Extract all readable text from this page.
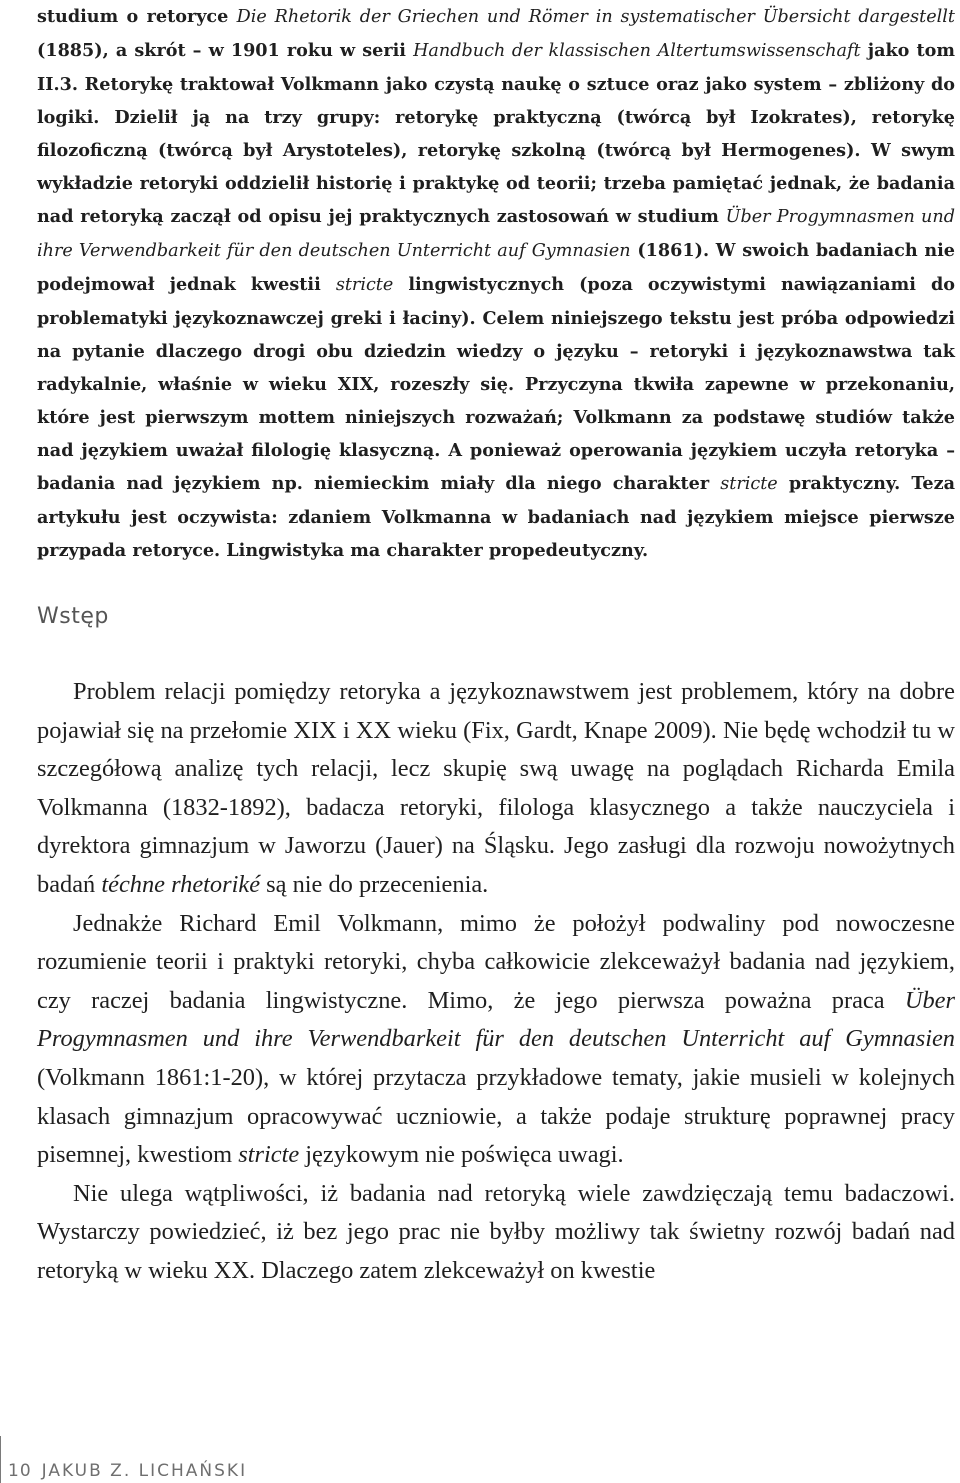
studium o retoryce Die Rhetorik der Griechen und Römer in systematischer Übersicht dargestellt (1885), a skrót – w 1901 roku w serii Handbuch der klassischen Altertumswissenschaft jako tom II.3. Retorykę traktował Volkmann jako czystą naukę o sztuce oraz jako system – zbliżony do logiki. Dzielił ją na trzy grupy: retorykę praktyczną (twórcą był Izokrates), retorykę filozoficzną (twórcą był Arystoteles), retorykę szkolną (twórcą był Hermogenes). W swym wykładzie retoryki oddzielił historię i praktykę od teorii; trzeba pamiętać jednak, że badania nad retoryką zaczął od opisu jej praktycznych zastosowań w studium Über Progymnasmen und ihre Verwendbarkeit für den deutschen Unterricht auf Gymnasien (1861). W swoich badaniach nie podejmował jednak kwestii stricte lingwistycznych (poza oczywistymi nawiązaniami do problematyki językoznawczej greki i łaciny). Celem niniejszego tekstu jest próba odpowiedzi na pytanie dlaczego drogi obu dziedzin wiedzy o języku – retoryki i językoznawstwa tak radykalnie, właśnie w wieku XIX, rozeszły się. Przyczyna tkwiła zapewne w przekonaniu, które jest pierwszym mottem niniejszych rozważań; Volkmann za podstawę studiów także nad językiem uważał filologię klasyczną. A ponieważ operowania językiem uczyła retoryka – badania nad językiem np. niemieckim miały dla niego charakter stricte praktyczny. Teza artykułu jest oczywista: zdaniem Volkmanna w badaniach nad językiem miejsce pierwsze przypada retoryce. Lingwistyka ma charakter propedeutyczny.

Wstęp

Problem relacji pomiędzy retoryka a językoznawstwem jest problemem, który na dobre pojawiał się na przełomie XIX i XX wieku (Fix, Gardt, Knape 2009). Nie będę wchodził tu w szczegółową analizę tych relacji, lecz skupię swą uwagę na poglądach Richarda Emila Volkmanna (1832-1892), badacza retoryki, filologa klasycznego a także nauczyciela i dyrektora gimnazjum w Jaworzu (Jauer) na Śląsku. Jego zasługi dla rozwoju nowożytnych badań téchne rhetoriké są nie do przecenienia.

Jednakże Richard Emil Volkmann, mimo że położył podwaliny pod nowoczesne rozumienie teorii i praktyki retoryki, chyba całkowicie zlekceważył badania nad językiem, czy raczej badania lingwistyczne. Mimo, że jego pierwsza poważna praca Über Progymnasmen und ihre Verwendbarkeit für den deutschen Unterricht auf Gymnasien (Volkmann 1861:1-20), w której przytacza przykładowe tematy, jakie musieli w kolejnych klasach gimnazjum opracowywać uczniowie, a także podaje strukturę poprawnej pracy pisemnej, kwestiom stricte językowym nie poświęca uwagi.

Nie ulega wątpliwości, iż badania nad retoryką wiele zawdzięczają temu badaczowi. Wystarczy powiedzieć, iż bez jego prac nie byłby możliwy tak świetny rozwój badań nad retoryką w wieku XX. Dlaczego zatem zlekceważył on kwestie

10 JAKUB Z. LICHAŃSKI
